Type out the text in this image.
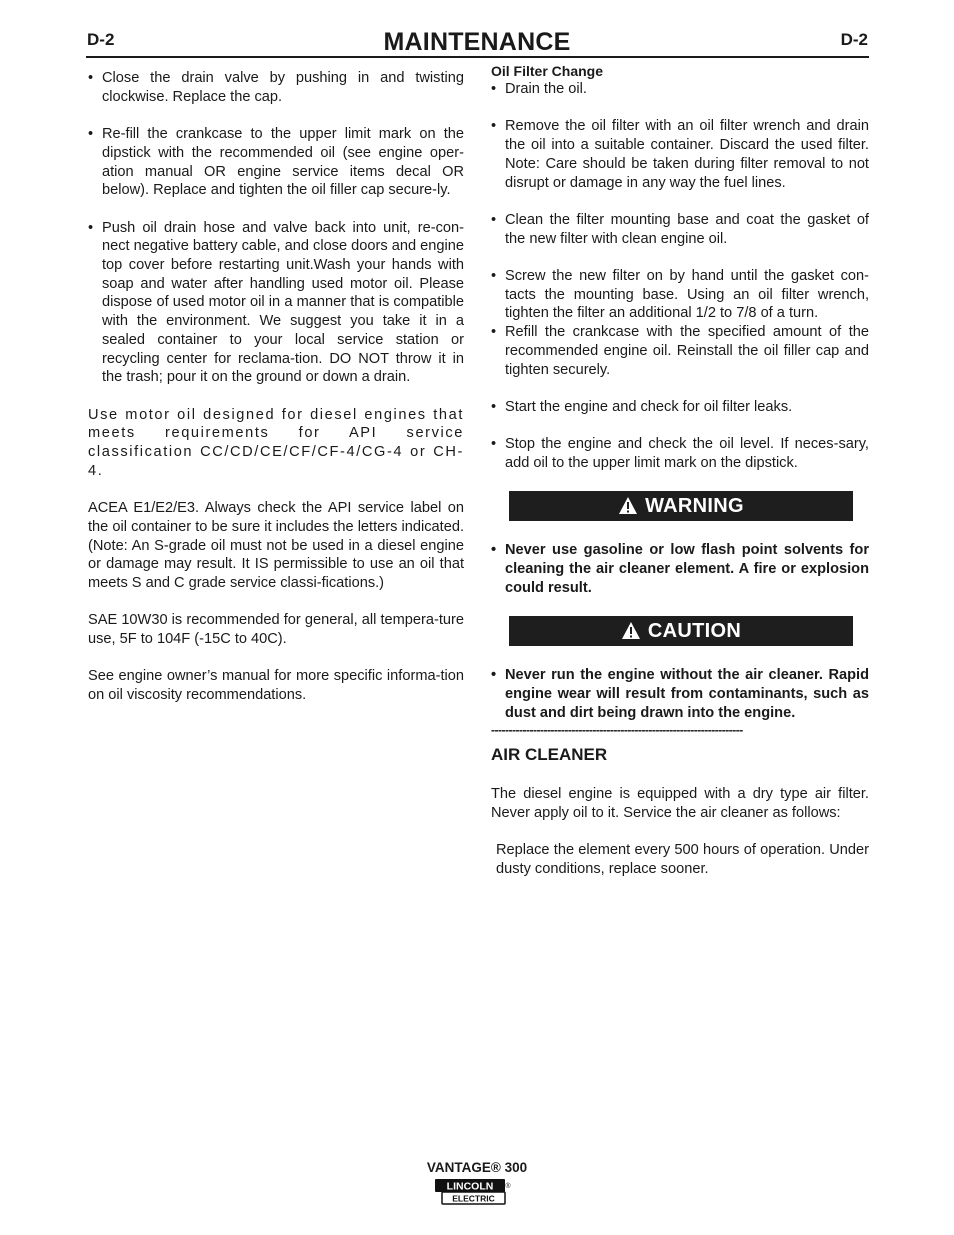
D-2	MAINTENANCE	D-2
• Close the drain valve by pushing in and twisting clockwise. Replace the cap.
• Re-fill the crankcase to the upper limit mark on the dipstick with the recommended oil (see engine oper-ation manual OR engine service items decal OR below). Replace and tighten the oil filler cap secure-ly.
• Push oil drain hose and valve back into unit, re-con-nect negative battery cable, and close doors and engine top cover before restarting unit.Wash your hands with soap and water after handling used motor oil. Please dispose of used motor oil in a manner that is compatible with the environment. We suggest you take it in a sealed container to your local service station or recycling center for reclama-tion. DO NOT throw it in the trash; pour it on the ground or down a drain.

Use motor oil designed for diesel engines that meets requirements for API service classification CC/CD/CE/CF/CF-4/CG-4 or CH-4.

ACEA E1/E2/E3. Always check the API service label on the oil container to be sure it includes the letters indicated. (Note: An S-grade oil must not be used in a diesel engine or damage may result. It IS permissible to use an oil that meets S and C grade service classi-fications.)

SAE 10W30 is recommended for general, all tempera-ture use, 5F to 104F (-15C to 40C).

See engine owner’s manual for more specific informa-tion on oil viscosity recommendations.

Oil Filter Change
• Drain the oil.
• Remove the oil filter with an oil filter wrench and drain the oil into a suitable container. Discard the used filter. Note: Care should be taken during filter removal to not disrupt or damage in any way the fuel lines.
• Clean the filter mounting base and coat the gasket of the new filter with clean engine oil.
• Screw the new filter on by hand until the gasket con-tacts the mounting base. Using an oil filter wrench, tighten the filter an additional 1/2 to 7/8 of a turn.
• Refill the crankcase with the specified amount of the recommended engine oil. Reinstall the oil filler cap and tighten securely.
• Start the engine and check for oil filter leaks.
• Stop the engine and check the oil level. If neces-sary, add oil to the upper limit mark on the dipstick.
WARNING
• Never use gasoline or low flash point solvents for cleaning the air cleaner element. A fire or explosion could result.
CAUTION
• Never run the engine without the air cleaner. Rapid engine wear will result from contaminants, such as dust and dirt being drawn into the engine.
------------------------------------------------------------------------
AIR CLEANER

The diesel engine is equipped with a dry type air filter. Never apply oil to it. Service the air cleaner as follows:

Replace the element every 500 hours of operation. Under dusty conditions, replace sooner.

VANTAGE® 300
LINCOLN
ELECTRIC
®
